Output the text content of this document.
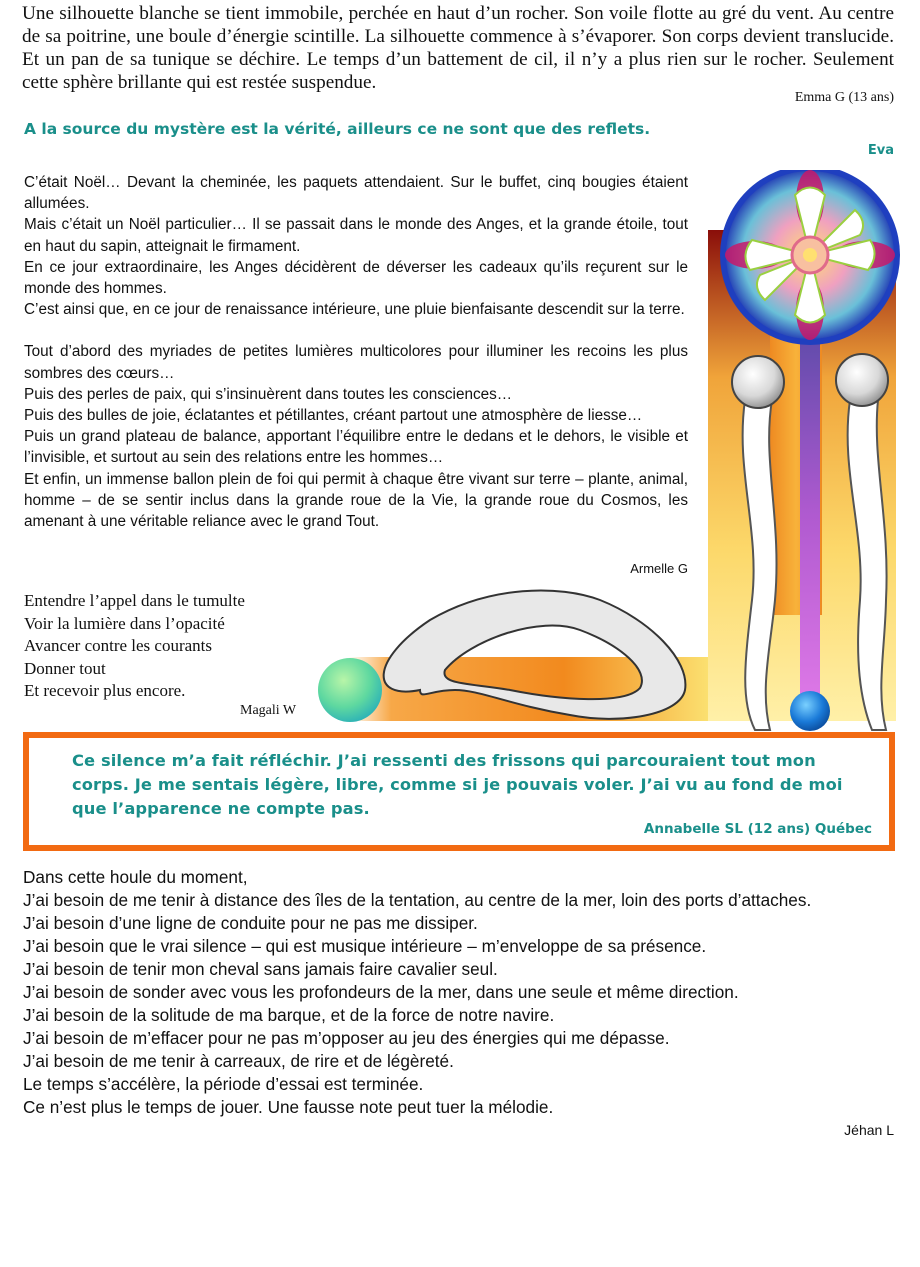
Une silhouette blanche se tient immobile, perchée en haut d’un rocher. Son voile flotte au gré du vent. Au centre de sa poitrine, une boule d’énergie scintille. La silhouette commence à s’évaporer. Son corps devient translucide. Et un pan de sa tunique se déchire. Le temps d’un battement de cil, il n’y a plus rien sur le rocher. Seulement cette sphère brillante qui est restée suspendue.
Emma G (13 ans)
A la source du mystère est la vérité, ailleurs ce ne sont que des reflets.
Eva
C’était Noël… Devant la cheminée, les paquets attendaient. Sur le buffet, cinq bougies étaient allumées.
Mais c’était un Noël particulier… Il se passait dans le monde des Anges, et la grande étoile, tout en haut du sapin, atteignait le firmament.
En ce jour extraordinaire, les Anges décidèrent de déverser les cadeaux qu’ils reçurent sur le monde des hommes.
C’est ainsi que, en ce jour de renaissance intérieure, une pluie bienfaisante descendit sur la terre.
Tout d’abord des myriades de petites lumières multicolores pour illuminer les recoins les plus sombres des cœurs…
Puis des perles de paix, qui s’insinuèrent dans toutes les consciences…
Puis des bulles de joie, éclatantes et pétillantes, créant partout une atmosphère de liesse…
Puis un grand plateau de balance, apportant l’équilibre entre le dedans et le dehors, le visible et l’invisible, et surtout au sein des relations entre les hommes…
Et enfin, un immense ballon plein de foi qui permit à chaque être vivant sur terre – plante, animal, homme – de se sentir inclus dans la grande roue de la Vie, la grande roue du Cosmos, les amenant à une véritable reliance avec le grand Tout.
Armelle G
Entendre l’appel dans le tumulte
Voir la lumière dans l’opacité
Avancer contre les courants
Donner tout
Et recevoir plus encore.
Magali W
Ce silence m’a fait réfléchir. J’ai ressenti des frissons qui parcouraient tout mon corps. Je me sentais légère, libre, comme si je pouvais voler. J’ai vu au fond de moi que l’apparence ne compte pas.
Annabelle SL (12 ans) Québec
Dans cette houle du moment,
J’ai besoin de me tenir à distance des îles de la tentation, au centre de la mer, loin des ports d’attaches.
J’ai besoin d’une ligne de conduite pour ne pas me dissiper.
J’ai besoin que le vrai silence – qui est musique intérieure – m’enveloppe de sa présence.
J’ai besoin de tenir mon cheval sans jamais faire cavalier seul.
J’ai besoin de sonder avec vous les profondeurs de la mer, dans une seule et même direction.
J’ai besoin de la solitude de ma barque, et de la force de notre navire.
J’ai besoin de m’effacer pour ne pas m’opposer au jeu des énergies qui me dépasse.
J’ai besoin de me tenir à carreaux, de rire et de légèreté.
Le temps s’accélère, la période d’essai est terminée.
Ce n’est plus le temps de jouer. Une fausse note peut tuer la mélodie.
Jéhan L
